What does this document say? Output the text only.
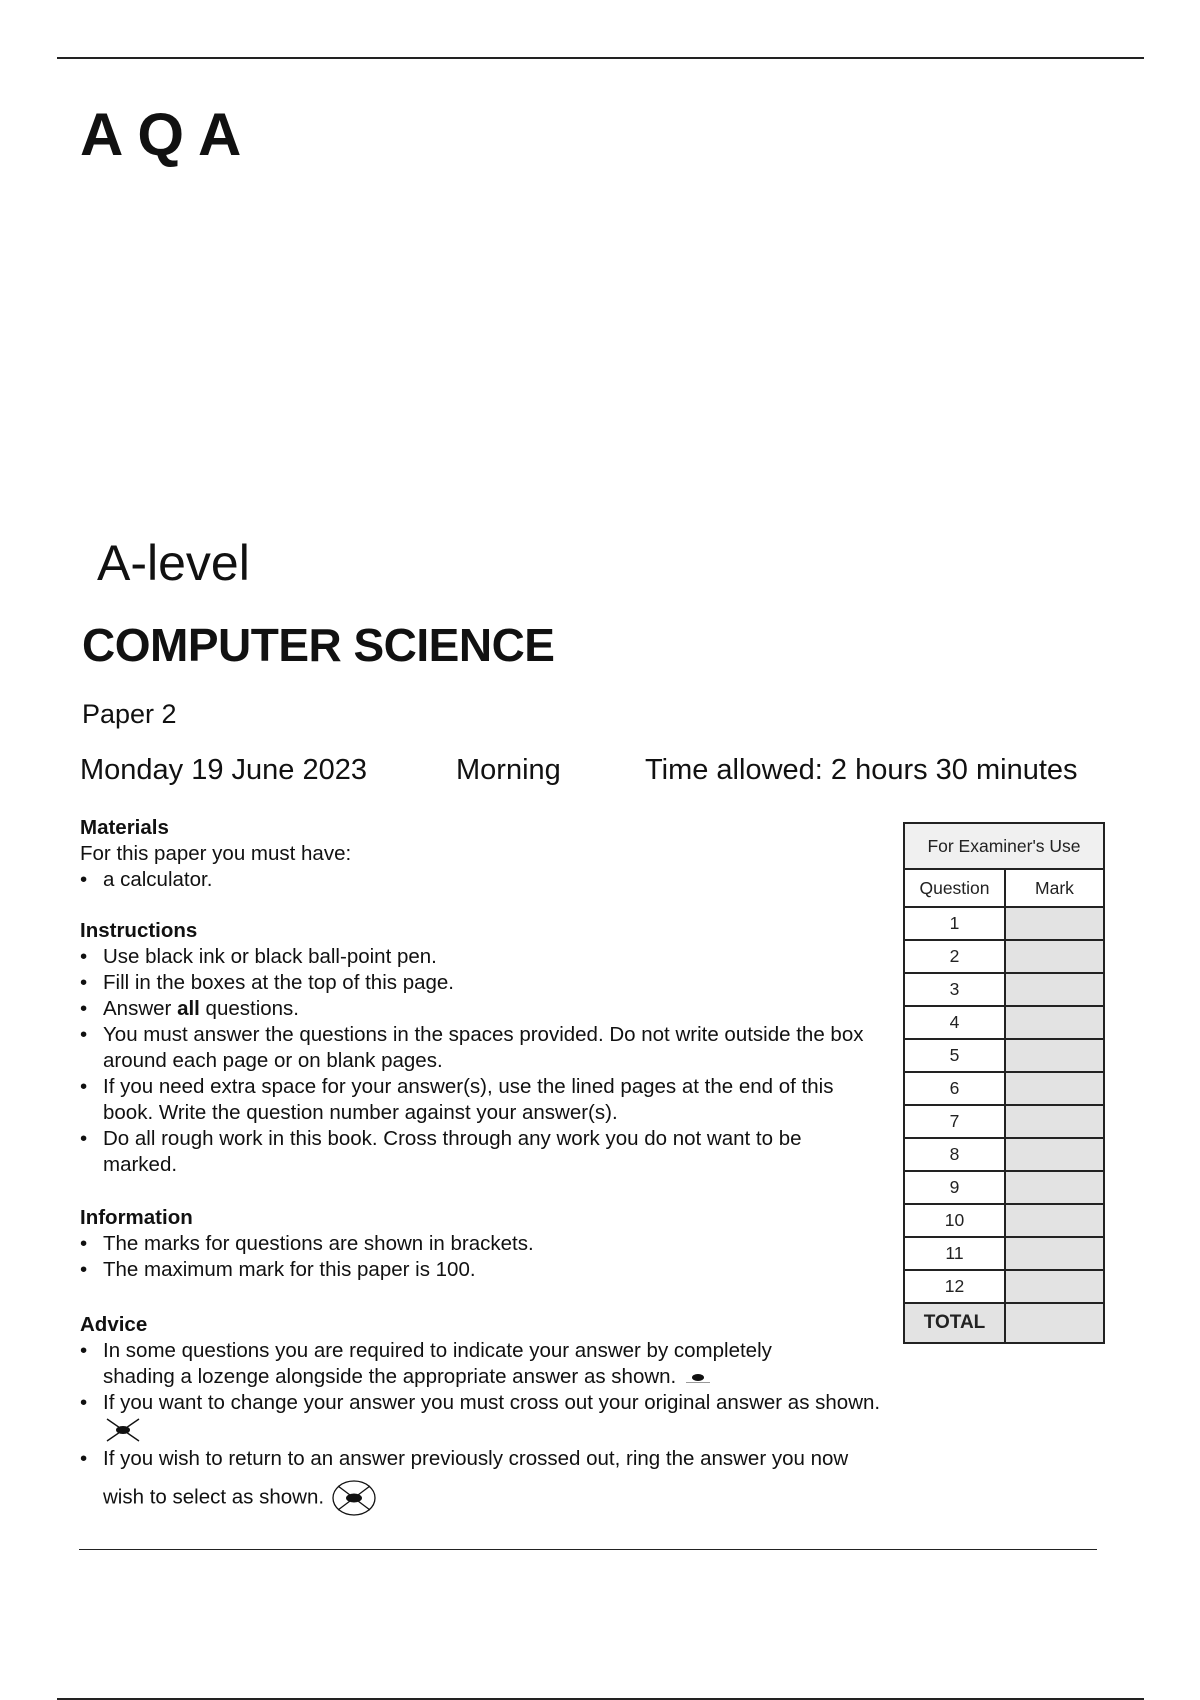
AQA
A-level
COMPUTER SCIENCE
Paper 2
Monday 19 June 2023	Morning	Time allowed: 2 hours 30 minutes
Materials

For this paper you must have:

• a calculator.
Instructions
• Use black ink or black ball-point pen.
• Fill in the boxes at the top of this page.
• Answer all questions.
• You must answer the questions in the spaces provided. Do not write outside the box around each page or on blank pages.
• If you need extra space for your answer(s), use the lined pages at the end of this book. Write the question number against your answer(s).
• Do all rough work in this book. Cross through any work you do not want to be marked.
Information
• The marks for questions are shown in brackets.
• The maximum mark for this paper is 100.
Advice
• In some questions you are required to indicate your answer by completely shading a lozenge alongside the appropriate answer as shown.
• If you want to change your answer you must cross out your original answer as shown.
• If you wish to return to an answer previously crossed out, ring the answer you now wish to select as shown.
For Examiner's Use	
Question	Mark
1	
2	
3	
4	
5	
6	
7	
8	
9	
10	
11	
12	
TOTAL	
